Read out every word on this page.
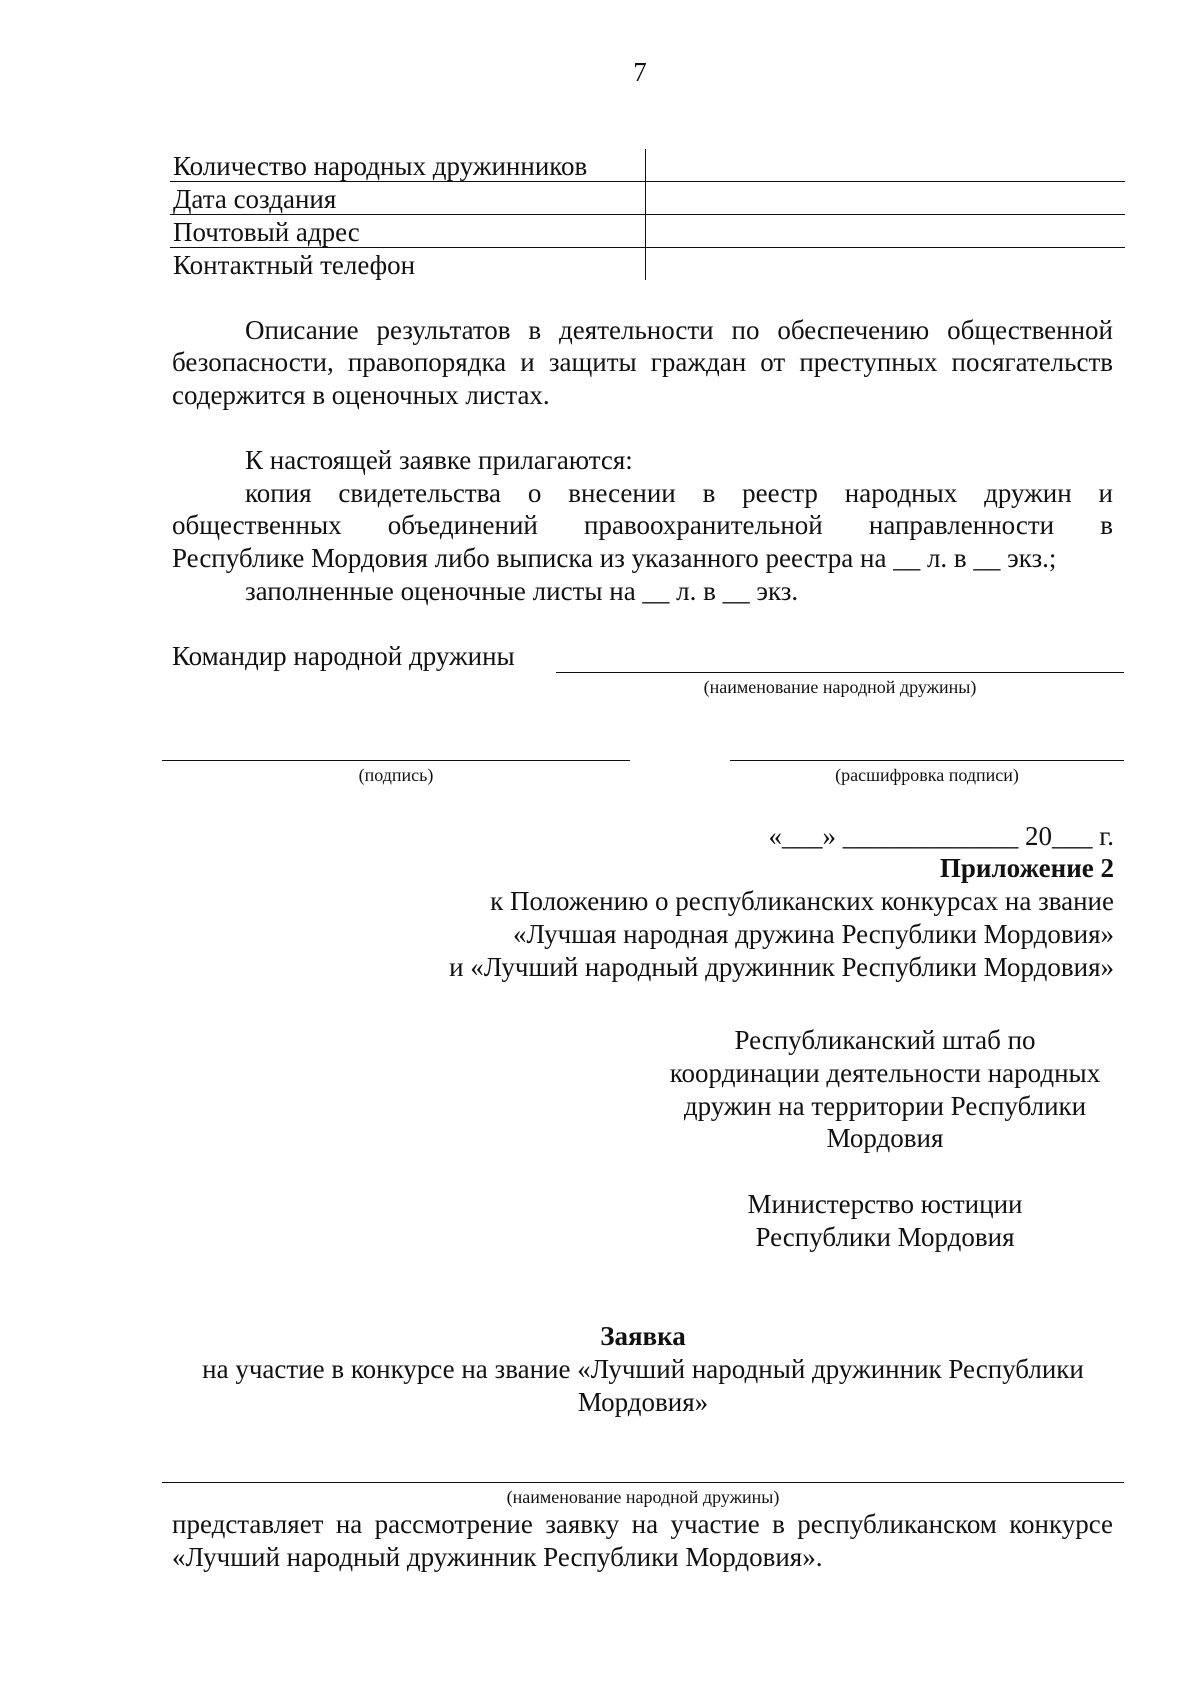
7
Количество народных дружинников	
Дата создания	
Почтовый адрес	
Контактный телефон	
Описание результатов в деятельности по обеспечению общественной
безопасности, правопорядка и защиты граждан от преступных посягательств
содержится в оценочных листах.
К настоящей заявке прилагаются:
копия свидетельства о внесении в реестр народных дружин и
общественных объединений правоохранительной направленности в
Республике Мордовия либо выписка из указанного реестра на __ л. в __ экз.;
заполненные оценочные листы на __ л. в __ экз.
Командир народной дружины
(наименование народной дружины)
(подпись)	(расшифровка подписи)
«___» _____________ 20___ г.
Приложение 2
к Положению о республиканских конкурсах на звание
«Лучшая народная дружина Республики Мордовия»
и «Лучший народный дружинник Республики Мордовия»
Республиканский штаб по
координации деятельности народных
дружин на территории Республики
Мордовия
Министерство юстиции
Республики Мордовия
Заявка
на участие в конкурсе на звание «Лучший народный дружинник Республики
Мордовия»
(наименование народной дружины)
представляет на рассмотрение заявку на участие в республиканском конкурсе
«Лучший народный дружинник Республики Мордовия».
